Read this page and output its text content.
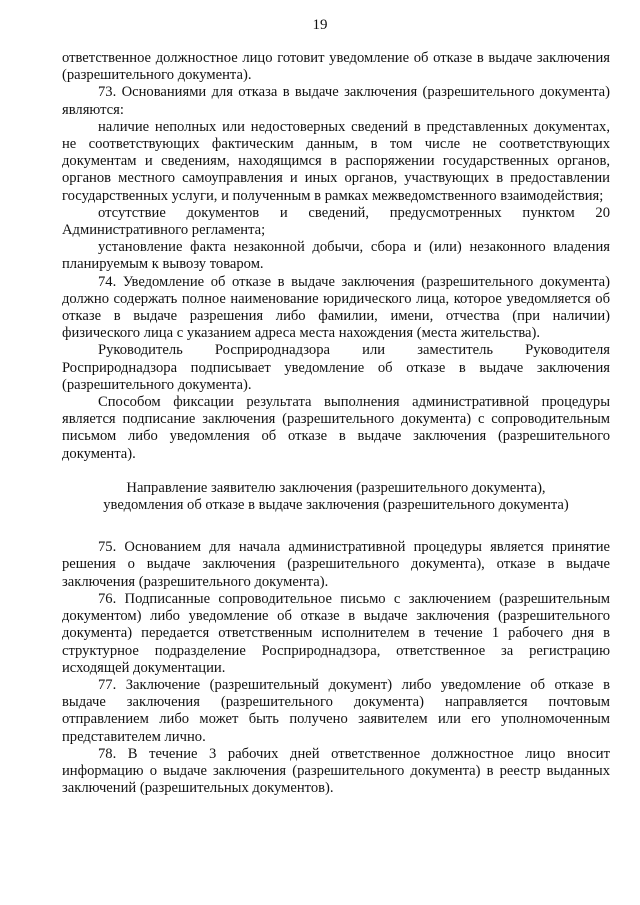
19

ответственное должностное лицо готовит уведомление об отказе в выдаче заключения (разрешительного документа).

73. Основаниями для отказа в выдаче заключения (разрешительного документа) являются:

наличие неполных или недостоверных сведений в представленных документах, не соответствующих фактическим данным, в том числе не соответствующих документам и сведениям, находящимся в распоряжении государственных органов, органов местного самоуправления и иных органов, участвующих в предоставлении государственных услуги, и полученным в рамках межведомственного взаимодействия;

отсутствие документов и сведений, предусмотренных пунктом 20 Административного регламента;

установление факта незаконной добычи, сбора и (или) незаконного владения планируемым к вывозу товаром.

74. Уведомление об отказе в выдаче заключения (разрешительного документа) должно содержать полное наименование юридического лица, которое уведомляется об отказе в выдаче разрешения либо фамилии, имени, отчества (при наличии) физического лица с указанием адреса места нахождения (места жительства).

Руководитель Росприроднадзора или заместитель Руководителя Росприроднадзора подписывает уведомление об отказе в выдаче заключения (разрешительного документа).

Способом фиксации результата выполнения административной процедуры является подписание заключения (разрешительного документа) с сопроводительным письмом либо уведомления об отказе в выдаче заключения (разрешительного документа).

Направление заявителю заключения (разрешительного документа),

уведомления об отказе в выдаче заключения (разрешительного документа)

75. Основанием для начала административной процедуры является принятие решения о выдаче заключения (разрешительного документа), отказе в выдаче заключения (разрешительного документа).

76. Подписанные сопроводительное письмо с заключением (разрешительным документом) либо уведомление об отказе в выдаче заключения (разрешительного документа) передается ответственным исполнителем в течение 1 рабочего дня в структурное подразделение Росприроднадзора, ответственное за регистрацию исходящей документации.

77. Заключение (разрешительный документ) либо уведомление об отказе в выдаче заключения (разрешительного документа) направляется почтовым отправлением либо может быть получено заявителем или его уполномоченным представителем лично.

78. В течение 3 рабочих дней ответственное должностное лицо вносит информацию о выдаче заключения (разрешительного документа) в реестр выданных заключений (разрешительных документов).
